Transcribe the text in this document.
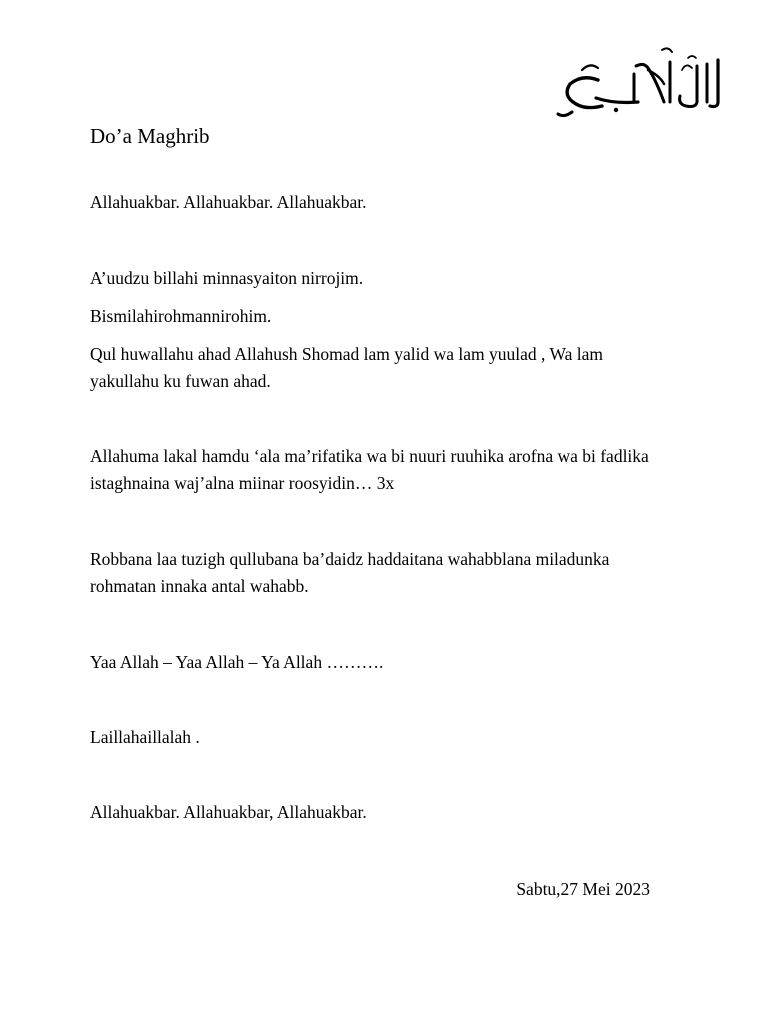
Do’a Maghrib

Allahuakbar. Allahuakbar. Allahuakbar.

A’uudzu billahi minnasyaiton nirrojim.

Bismilahirohmannirohim.

Qul huwallahu ahad Allahush Shomad lam yalid wa lam yuulad , Wa lam yakullahu ku fuwan ahad.

Allahuma lakal hamdu ‘ala ma’rifatika wa bi nuuri ruuhika arofna wa bi fadlika istaghnaina waj’alna miinar roosyidin… 3x

Robbana laa tuzigh qullubana ba’daidz haddaitana wahabblana miladunka rohmatan innaka antal wahabb.

Yaa Allah – Yaa Allah – Ya Allah ……….

Laillahaillalah .

Allahuakbar. Allahuakbar, Allahuakbar.

Sabtu,27 Mei 2023
